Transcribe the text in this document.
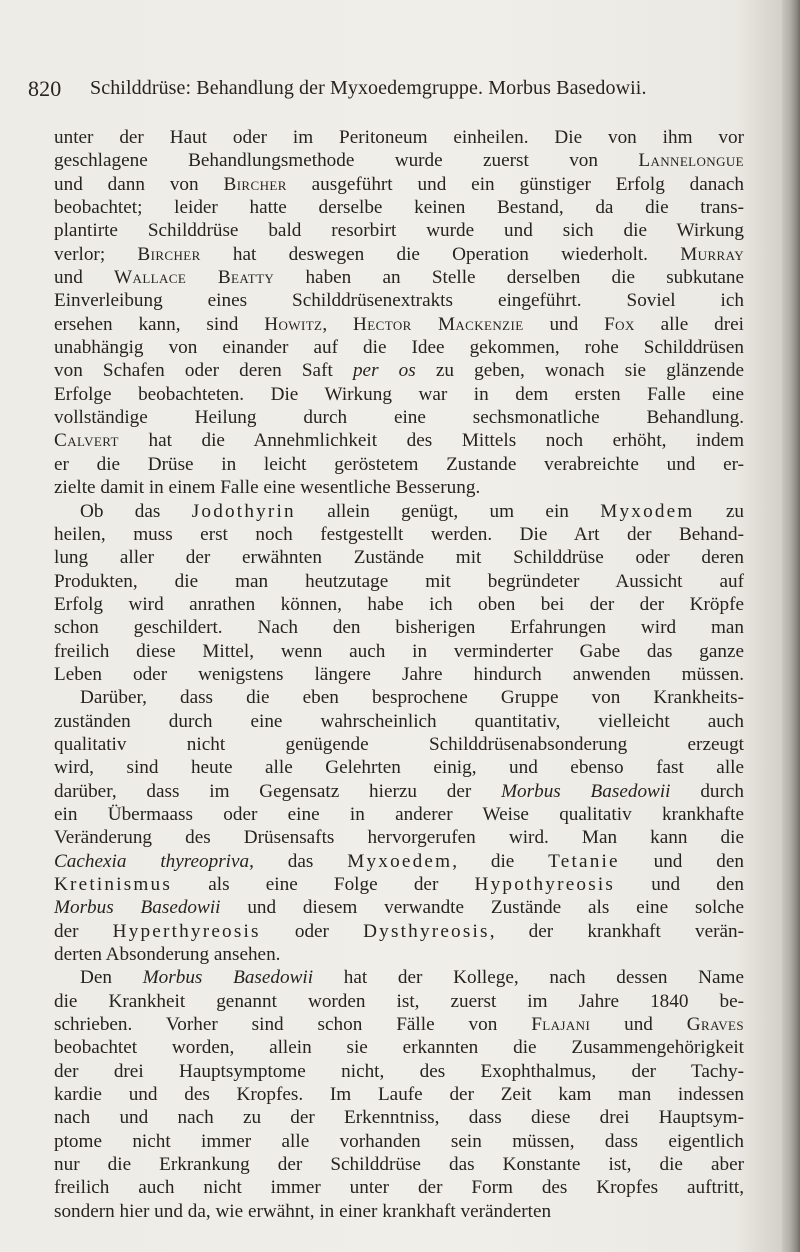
820 Schilddrüse: Behandlung der Myxoedemgruppe. Morbus Basedowii.
unter der Haut oder im Peritoneum einheilen. Die von ihm vor
geschlagene Behandlungsmethode wurde zuerst von Lannelongue
und dann von Bircher ausgeführt und ein günstiger Erfolg danach
beobachtet; leider hatte derselbe keinen Bestand, da die trans-
plantirte Schilddrüse bald resorbirt wurde und sich die Wirkung
verlor; Bircher hat deswegen die Operation wiederholt. Murray
und Wallace Beatty haben an Stelle derselben die subkutane
Einverleibung eines Schilddrüsenextrakts eingeführt. Soviel ich
ersehen kann, sind Howitz, Hector Mackenzie und Fox alle drei
unabhängig von einander auf die Idee gekommen, rohe Schilddrüsen
von Schafen oder deren Saft per os zu geben, wonach sie glänzende
Erfolge beobachteten. Die Wirkung war in dem ersten Falle eine
vollständige Heilung durch eine sechsmonatliche Behandlung.
Calvert hat die Annehmlichkeit des Mittels noch erhöht, indem
er die Drüse in leicht geröstetem Zustande verabreichte und er-
zielte damit in einem Falle eine wesentliche Besserung.
Ob das Jodothyrin allein genügt, um ein Myxodem zu
heilen, muss erst noch festgestellt werden. Die Art der Behand-
lung aller der erwähnten Zustände mit Schilddrüse oder deren
Produkten, die man heutzutage mit begründeter Aussicht auf
Erfolg wird anrathen können, habe ich oben bei der der Kröpfe
schon geschildert. Nach den bisherigen Erfahrungen wird man
freilich diese Mittel, wenn auch in verminderter Gabe das ganze
Leben oder wenigstens längere Jahre hindurch anwenden müssen.
Darüber, dass die eben besprochene Gruppe von Krankheits-
zuständen durch eine wahrscheinlich quantitativ, vielleicht auch
qualitativ nicht genügende Schilddrüsenabsonderung erzeugt
wird, sind heute alle Gelehrten einig, und ebenso fast alle
darüber, dass im Gegensatz hierzu der Morbus Basedowii durch
ein Übermaass oder eine in anderer Weise qualitativ krankhafte
Veränderung des Drüsensafts hervorgerufen wird. Man kann die
Cachexia thyreopriva, das Myxoedem, die Tetanie und den
Kretinismus als eine Folge der Hypothyreosis und den
Morbus Basedowii und diesem verwandte Zustände als eine solche
der Hyperthyreosis oder Dysthyreosis, der krankhaft verän-
derten Absonderung ansehen.
Den Morbus Basedowii hat der Kollege, nach dessen Name
die Krankheit genannt worden ist, zuerst im Jahre 1840 be-
schrieben. Vorher sind schon Fälle von Flajani und Graves
beobachtet worden, allein sie erkannten die Zusammengehörigkeit
der drei Hauptsymptome nicht, des Exophthalmus, der Tachy-
kardie und des Kropfes. Im Laufe der Zeit kam man indessen
nach und nach zu der Erkenntniss, dass diese drei Hauptsym-
ptome nicht immer alle vorhanden sein müssen, dass eigentlich
nur die Erkrankung der Schilddrüse das Konstante ist, die aber
freilich auch nicht immer unter der Form des Kropfes auftritt,
sondern hier und da, wie erwähnt, in einer krankhaft veränderten
